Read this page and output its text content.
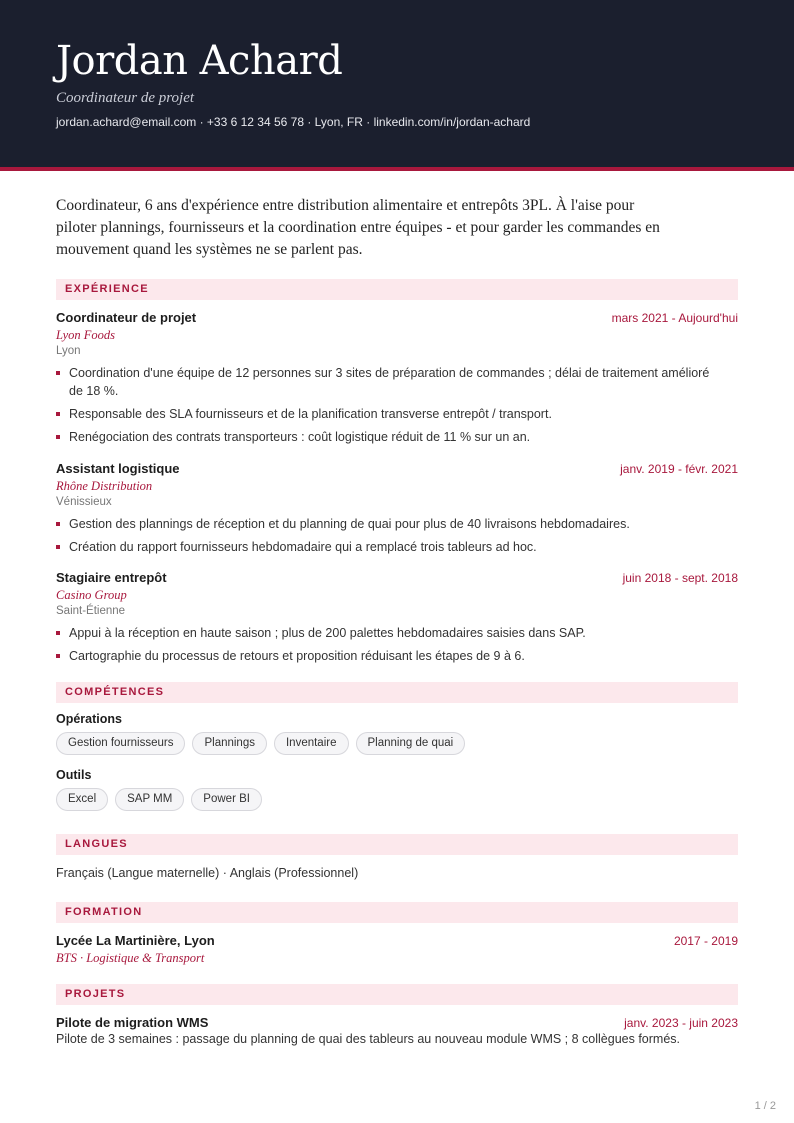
Jordan Achard
Coordinateur de projet
jordan.achard@email.com · +33 6 12 34 56 78 · Lyon, FR · linkedin.com/in/jordan-achard
Coordinateur, 6 ans d'expérience entre distribution alimentaire et entrepôts 3PL. À l'aise pour piloter plannings, fournisseurs et la coordination entre équipes - et pour garder les commandes en mouvement quand les systèmes ne se parlent pas.
EXPÉRIENCE
Coordinateur de projet	mars 2021 - Aujourd'hui
Lyon Foods
Lyon
Coordination d'une équipe de 12 personnes sur 3 sites de préparation de commandes ; délai de traitement amélioré de 18 %.
Responsable des SLA fournisseurs et de la planification transverse entrepôt / transport.
Renégociation des contrats transporteurs : coût logistique réduit de 11 % sur un an.
Assistant logistique	janv. 2019 - févr. 2021
Rhône Distribution
Vénissieux
Gestion des plannings de réception et du planning de quai pour plus de 40 livraisons hebdomadaires.
Création du rapport fournisseurs hebdomadaire qui a remplacé trois tableurs ad hoc.
Stagiaire entrepôt	juin 2018 - sept. 2018
Casino Group
Saint-Étienne
Appui à la réception en haute saison ; plus de 200 palettes hebdomadaires saisies dans SAP.
Cartographie du processus de retours et proposition réduisant les étapes de 9 à 6.
COMPÉTENCES
Opérations
Gestion fournisseurs	Plannings	Inventaire	Planning de quai
Outils
Excel	SAP MM	Power BI
LANGUES
Français (Langue maternelle) · Anglais (Professionnel)
FORMATION
Lycée La Martinière, Lyon	2017 - 2019
BTS · Logistique & Transport
PROJETS
Pilote de migration WMS	janv. 2023 - juin 2023
Pilote de 3 semaines : passage du planning de quai des tableurs au nouveau module WMS ; 8 collègues formés.
1 / 2
